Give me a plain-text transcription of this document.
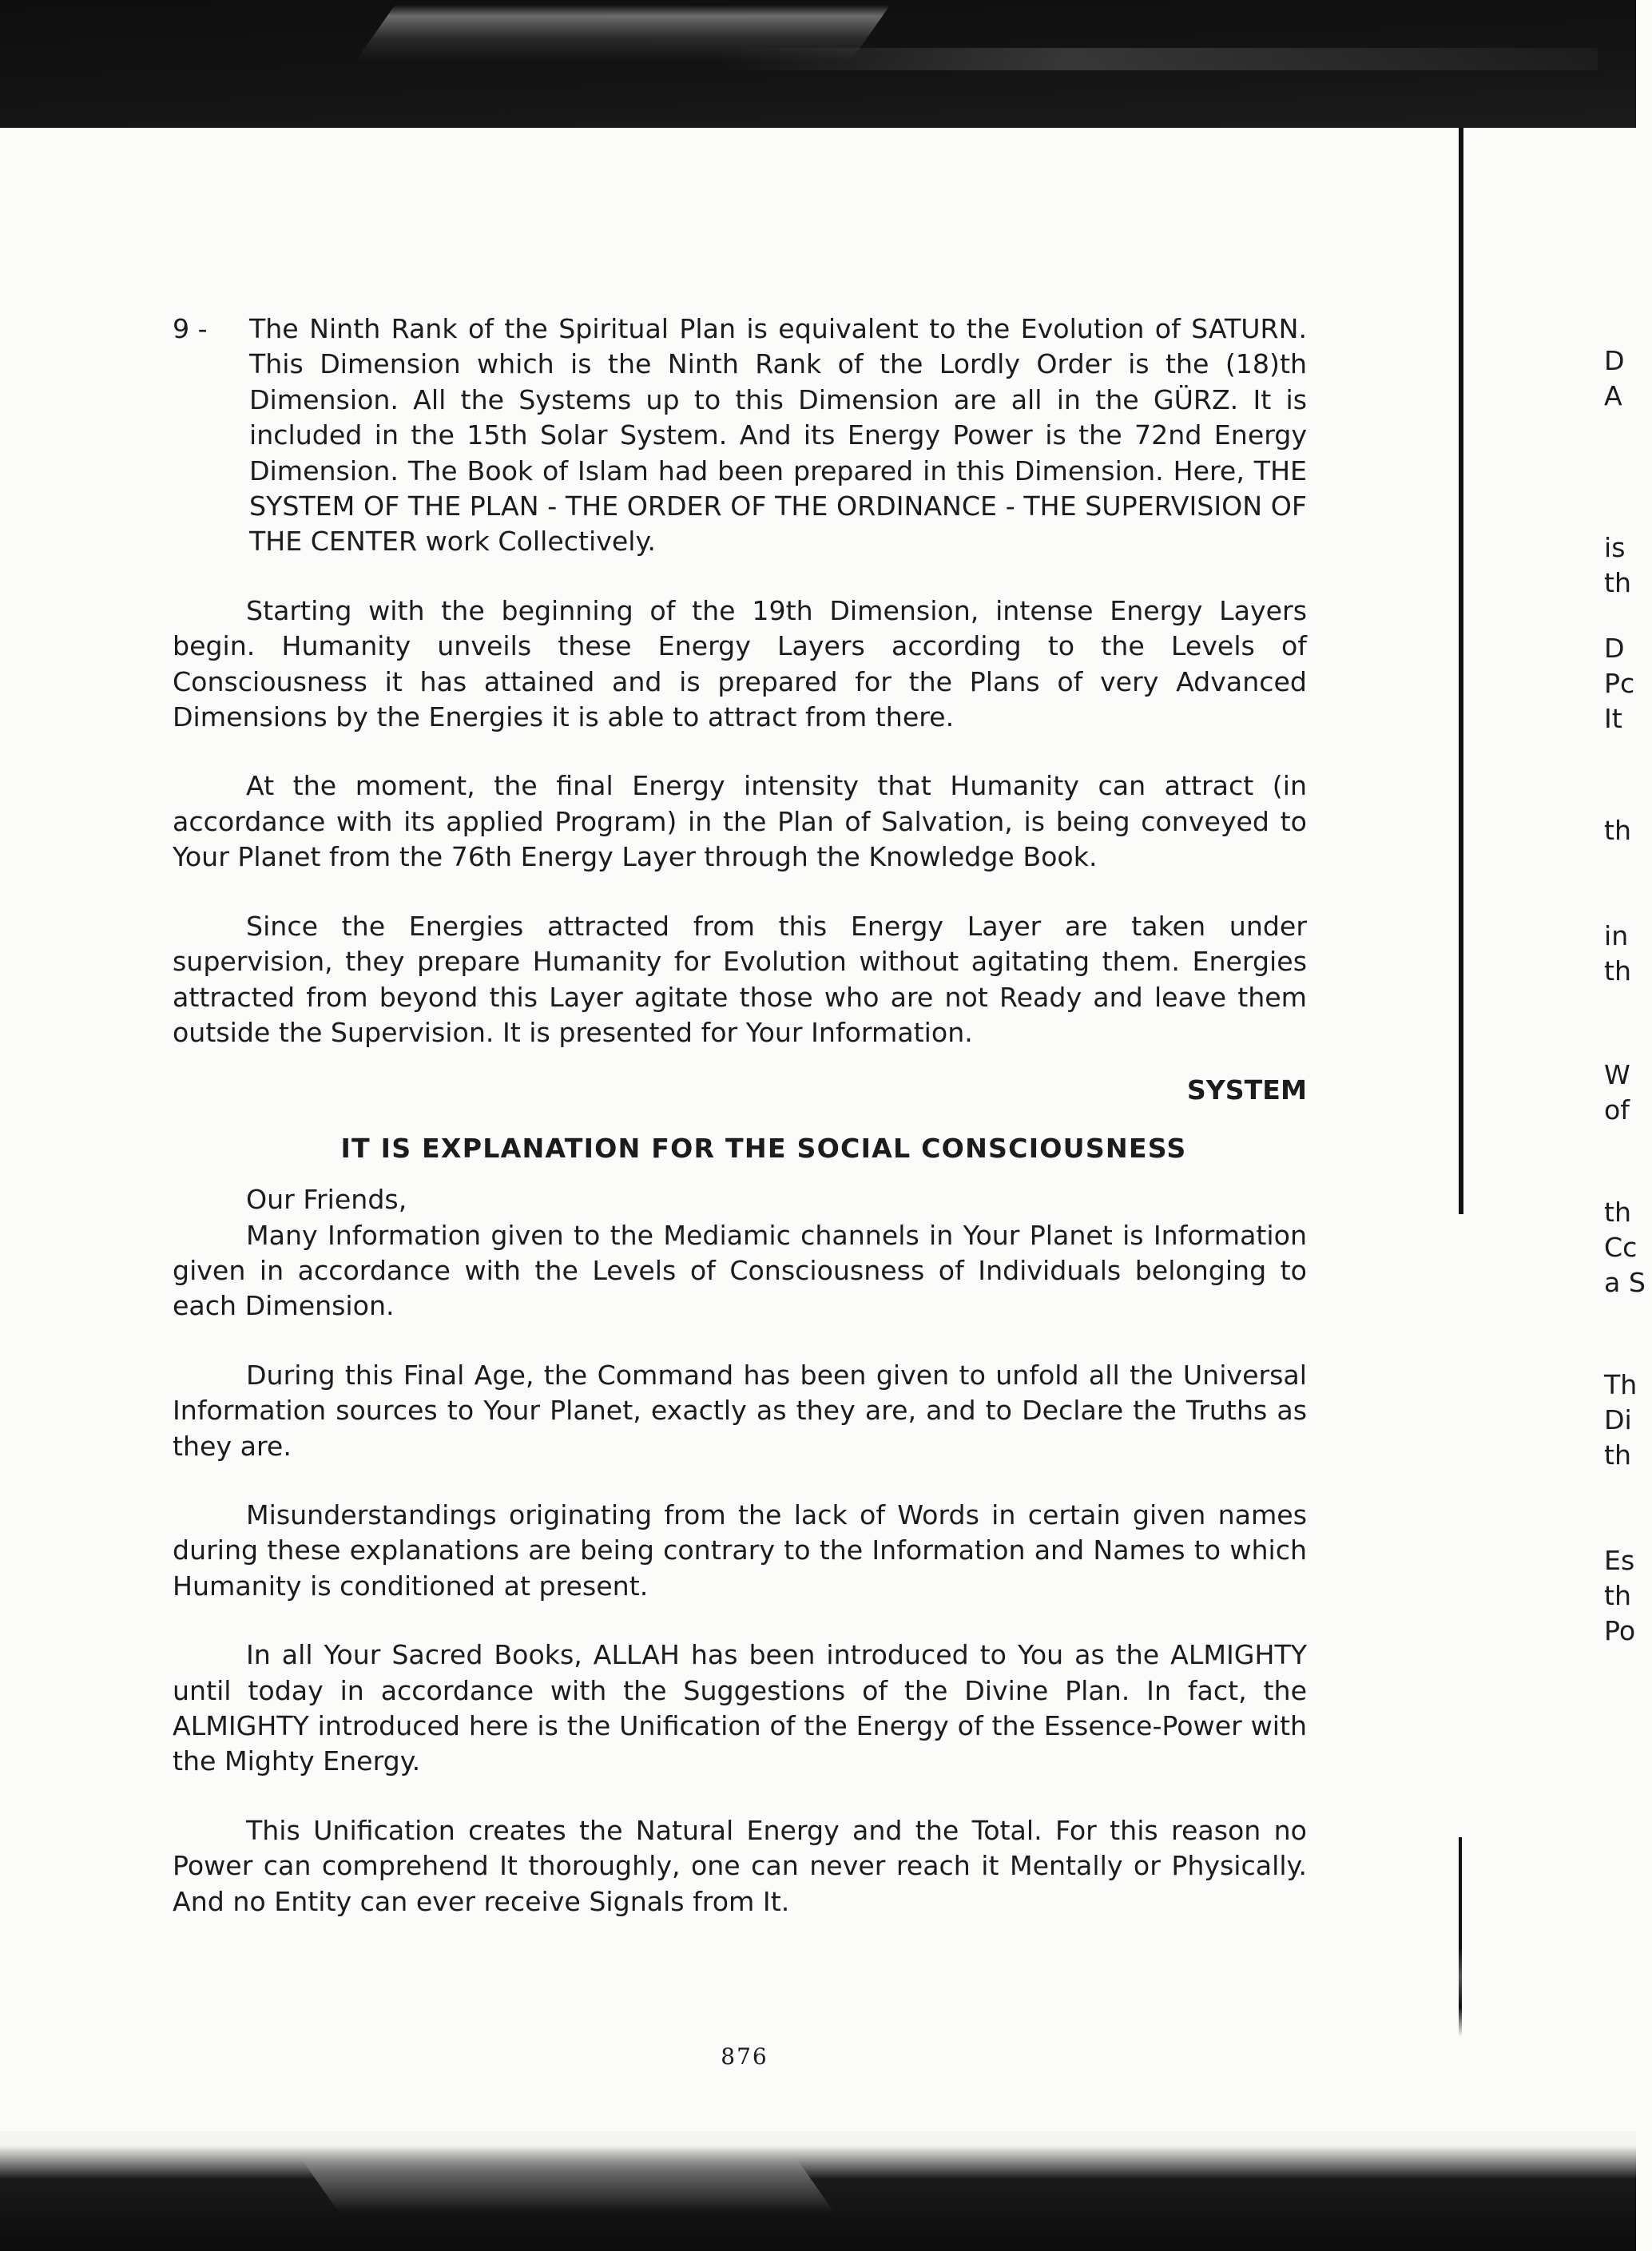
9 - The Ninth Rank of the Spiritual Plan is equivalent to the Evolution of SATURN. This Dimension which is the Ninth Rank of the Lordly Order is the (18)th Dimension. All the Systems up to this Dimension are all in the GÜRZ. It is included in the 15th Solar System. And its Energy Power is the 72nd Energy Dimension. The Book of Islam had been prepared in this Dimension. Here, THE SYSTEM OF THE PLAN - THE ORDER OF THE ORDINANCE - THE SUPERVISION OF THE CENTER work Collectively.

Starting with the beginning of the 19th Dimension, intense Energy Layers begin. Humanity unveils these Energy Layers according to the Levels of Consciousness it has attained and is prepared for the Plans of very Advanced Dimensions by the Energies it is able to attract from there.

At the moment, the final Energy intensity that Humanity can attract (in accordance with its applied Program) in the Plan of Salvation, is being conveyed to Your Planet from the 76th Energy Layer through the Knowledge Book.

Since the Energies attracted from this Energy Layer are taken under supervision, they prepare Humanity for Evolution without agitating them. Energies attracted from beyond this Layer agitate those who are not Ready and leave them outside the Supervision. It is presented for Your Information.

SYSTEM

IT IS EXPLANATION FOR THE SOCIAL CONSCIOUSNESS

Our Friends,

Many Information given to the Mediamic channels in Your Planet is Information given in accordance with the Levels of Consciousness of Individuals belonging to each Dimension.

During this Final Age, the Command has been given to unfold all the Universal Information sources to Your Planet, exactly as they are, and to Declare the Truths as they are.

Misunderstandings originating from the lack of Words in certain given names during these explanations are being contrary to the Information and Names to which Humanity is conditioned at present.

In all Your Sacred Books, ALLAH has been introduced to You as the ALMIGHTY until today in accordance with the Suggestions of the Divine Plan. In fact, the ALMIGHTY introduced here is the Unification of the Energy of the Essence-Power with the Mighty Energy.

This Unification creates the Natural Energy and the Total. For this reason no Power can comprehend It thoroughly, one can never reach it Mentally or Physically. And no Entity can ever receive Signals from It.

876
D
A
is
th
D
Pc
It
th
in
th
W
of
th
Cc
a S
Th
Di
th
Es
th
Po
